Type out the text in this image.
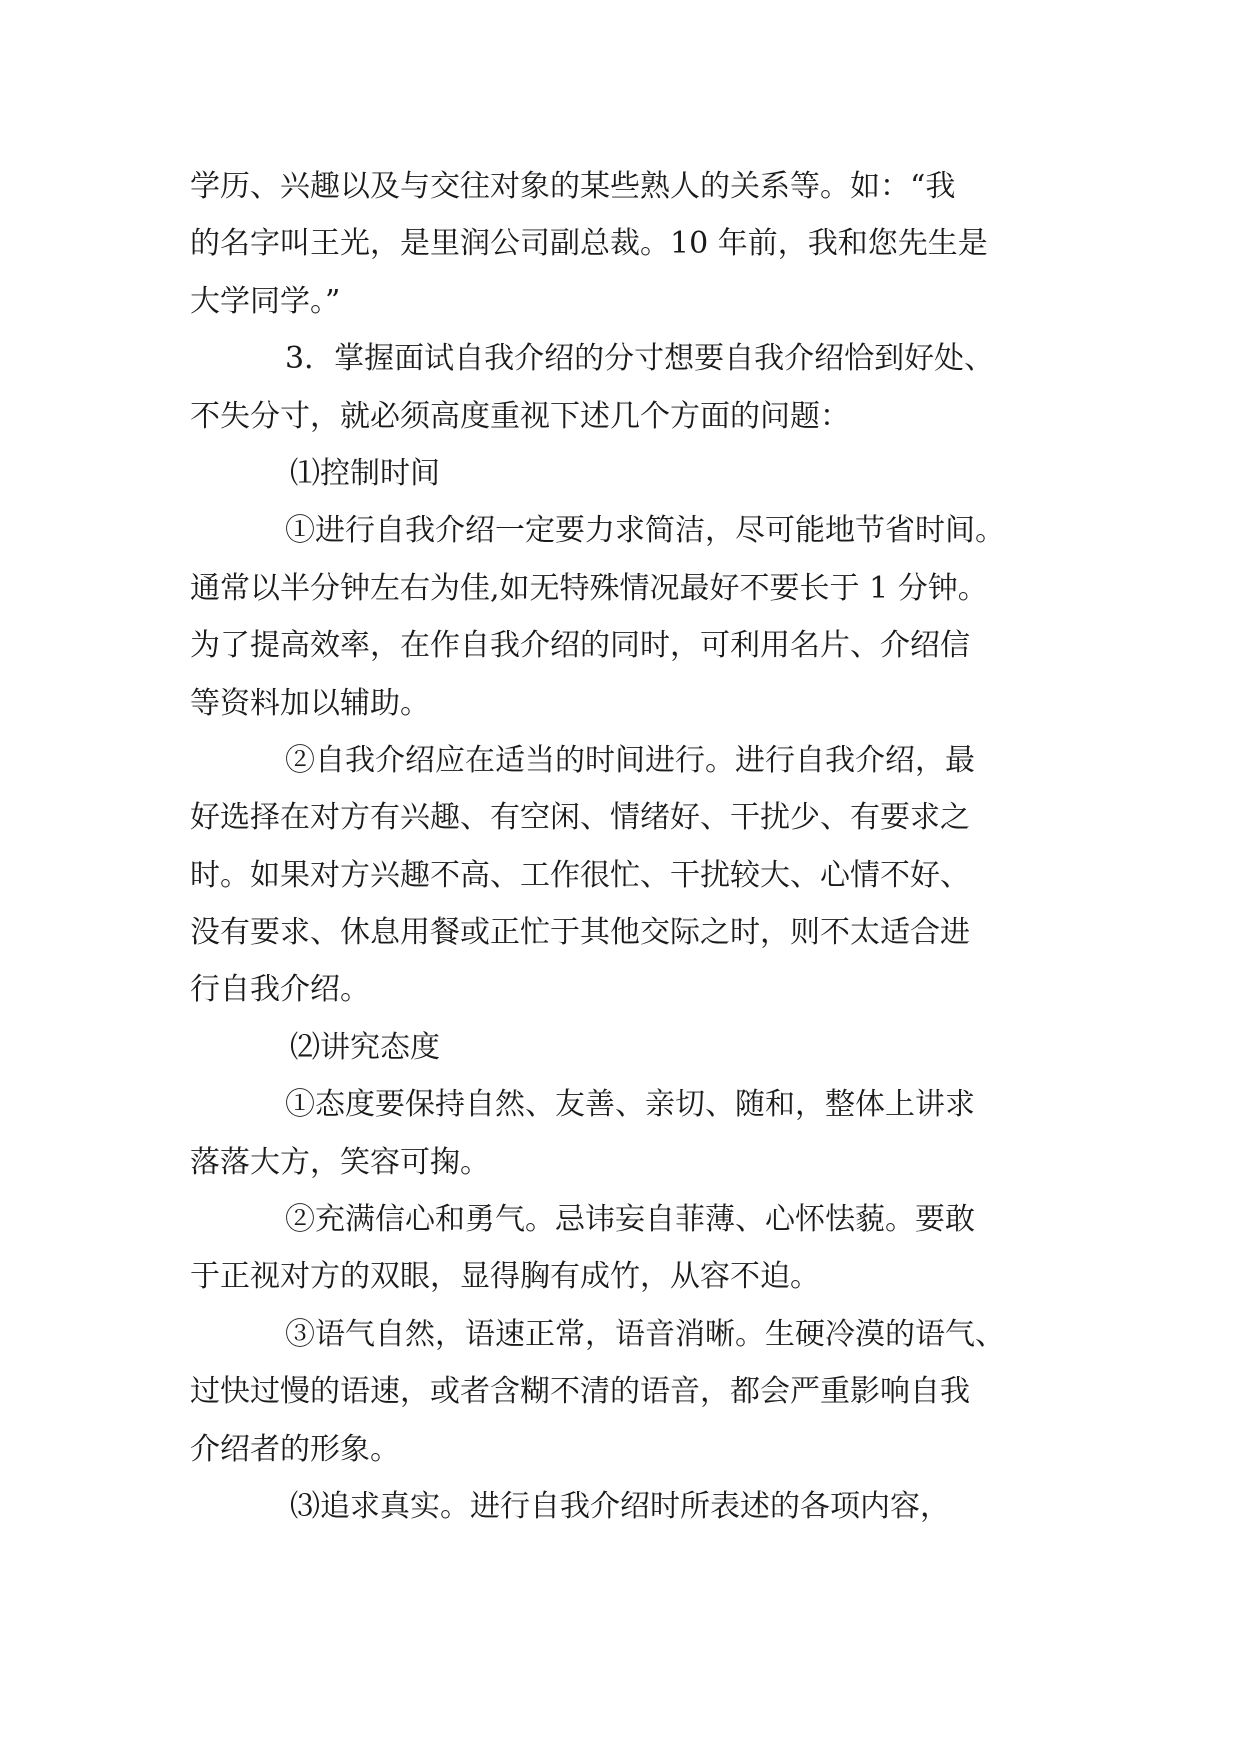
学历、兴趣以及与交往对象的某些熟人的关系等。如：“我
的名字叫王光，是里润公司副总裁。10 年前，我和您先生是
大学同学。”
3．掌握面试自我介绍的分寸想要自我介绍恰到好处、
不失分寸，就必须高度重视下述几个方面的问题：
⑴控制时间
①进行自我介绍一定要力求简洁，尽可能地节省时间。
通常以半分钟左右为佳,如无特殊情况最好不要长于 1 分钟。
为了提高效率，在作自我介绍的同时，可利用名片、介绍信
等资料加以辅助。
②自我介绍应在适当的时间进行。进行自我介绍，最
好选择在对方有兴趣、有空闲、情绪好、干扰少、有要求之
时。如果对方兴趣不高、工作很忙、干扰较大、心情不好、
没有要求、休息用餐或正忙于其他交际之时，则不太适合进
行自我介绍。
⑵讲究态度
①态度要保持自然、友善、亲切、随和，整体上讲求
落落大方，笑容可掬。
②充满信心和勇气。忌讳妄自菲薄、心怀怯藐。要敢
于正视对方的双眼，显得胸有成竹，从容不迫。
③语气自然，语速正常，语音消晰。生硬冷漠的语气、
过快过慢的语速，或者含糊不清的语音，都会严重影响自我
介绍者的形象。
⑶追求真实。进行自我介绍时所表述的各项内容，
